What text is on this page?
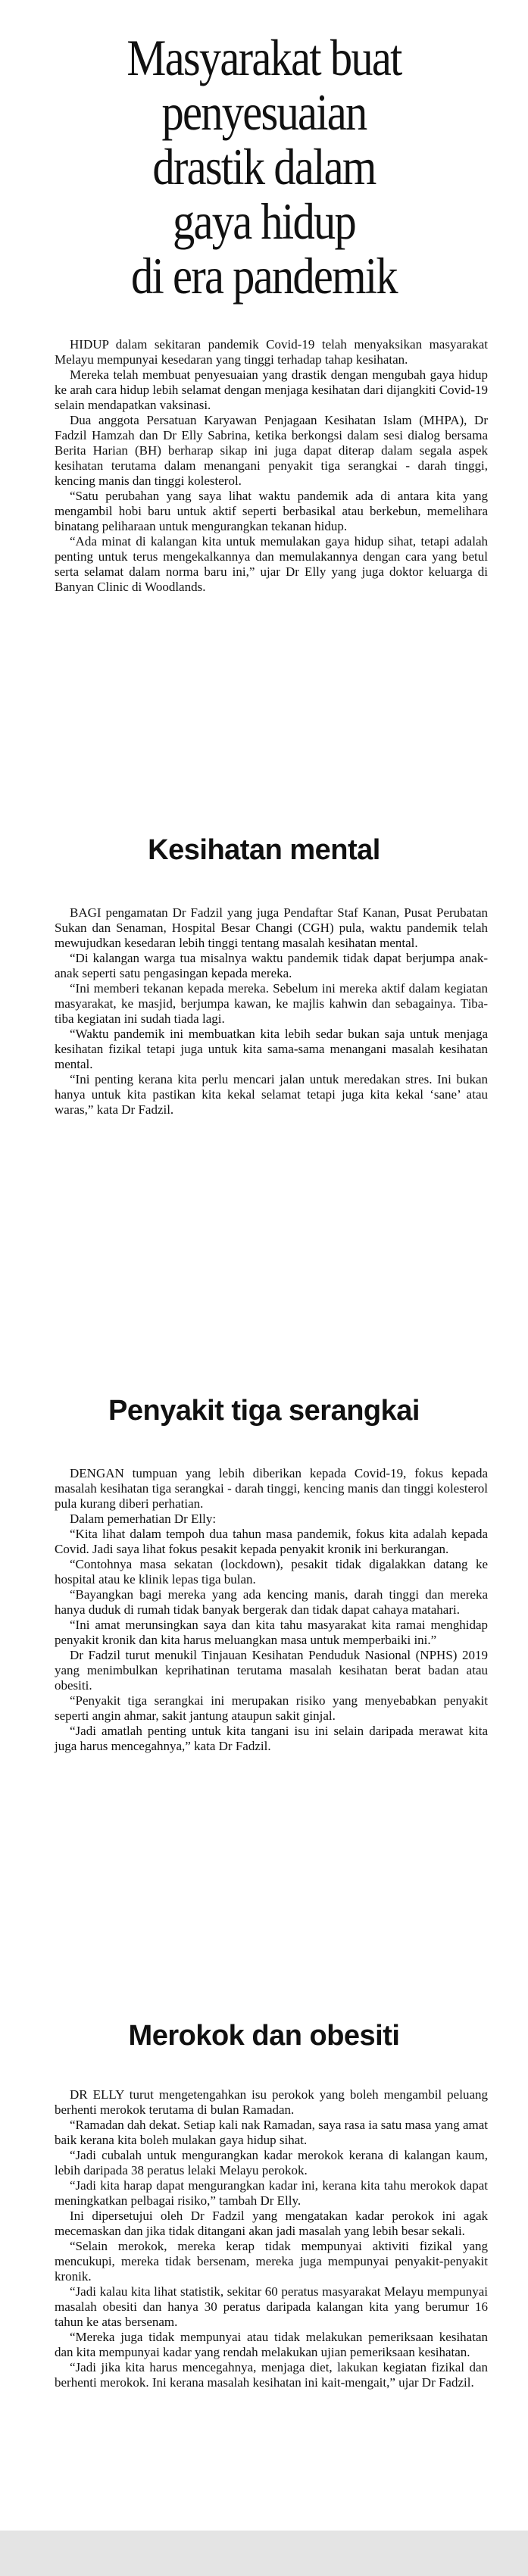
Masyarakat buat
penyesuaian
drastik dalam
gaya hidup
di era pandemik

HIDUP dalam sekitaran pandemik Covid-19 telah menyaksikan masyarakat Melayu mempunyai kesedaran yang tinggi terhadap tahap kesihatan.

Mereka telah membuat penyesuaian yang drastik dengan mengubah gaya hidup ke arah cara hidup lebih selamat dengan menjaga kesihatan dari dijangkiti Covid-19 selain mendapatkan vaksinasi.

Dua anggota Persatuan Karyawan Penjagaan Kesihatan Islam (MHPA), Dr Fadzil Hamzah dan Dr Elly Sabrina, ketika berkongsi dalam sesi dialog bersama Berita Harian (BH) berharap sikap ini juga dapat diterap dalam segala aspek kesihatan terutama dalam menangani penyakit tiga serangkai - darah tinggi, kencing manis dan tinggi kolesterol.

“Satu perubahan yang saya lihat waktu pandemik ada di antara kita yang mengambil hobi baru untuk aktif seperti berbasikal atau berkebun, memelihara binatang peliharaan untuk mengurangkan tekanan hidup.

“Ada minat di kalangan kita untuk memulakan gaya hidup sihat, tetapi adalah penting untuk terus mengekalkannya dan memulakannya dengan cara yang betul serta selamat dalam norma baru ini,” ujar Dr Elly yang juga doktor keluarga di Banyan Clinic di Woodlands.

Kesihatan mental

BAGI pengamatan Dr Fadzil yang juga Pendaftar Staf Kanan, Pusat Perubatan Sukan dan Senaman, Hospital Besar Changi (CGH) pula, waktu pandemik telah mewujudkan kesedaran lebih tinggi tentang masalah kesihatan mental.

“Di kalangan warga tua misalnya waktu pandemik tidak dapat berjumpa anak-anak seperti satu pengasingan kepada mereka.

“Ini memberi tekanan kepada mereka. Sebelum ini mereka aktif dalam kegiatan masyarakat, ke masjid, berjumpa kawan, ke majlis kahwin dan sebagainya. Tiba-tiba kegiatan ini sudah tiada lagi.

“Waktu pandemik ini membuatkan kita lebih sedar bukan saja untuk menjaga kesihatan fizikal tetapi juga untuk kita sama-sama menangani masalah kesihatan mental.

“Ini penting kerana kita perlu mencari jalan untuk meredakan stres. Ini bukan hanya untuk kita pastikan kita kekal selamat tetapi juga kita kekal ‘sane’ atau waras,” kata Dr Fadzil.

Penyakit tiga serangkai

DENGAN tumpuan yang lebih diberikan kepada Covid-19, fokus kepada masalah kesihatan tiga serangkai - darah tinggi, kencing manis dan tinggi kolesterol pula kurang diberi perhatian.

Dalam pemerhatian Dr Elly:

“Kita lihat dalam tempoh dua tahun masa pandemik, fokus kita adalah kepada Covid. Jadi saya lihat fokus pesakit kepada penyakit kronik ini berkurangan.

“Contohnya masa sekatan (lockdown), pesakit tidak digalakkan datang ke hospital atau ke klinik lepas tiga bulan.

“Bayangkan bagi mereka yang ada kencing manis, darah tinggi dan mereka hanya duduk di rumah tidak banyak bergerak dan tidak dapat cahaya matahari.

“Ini amat merunsingkan saya dan kita tahu masyarakat kita ramai menghidap penyakit kronik dan kita harus meluangkan masa untuk memperbaiki ini.”

Dr Fadzil turut menukil Tinjauan Kesihatan Penduduk Nasional (NPHS) 2019 yang menimbulkan keprihatinan terutama masalah kesihatan berat badan atau obesiti.

“Penyakit tiga serangkai ini merupakan risiko yang menyebabkan penyakit seperti angin ahmar, sakit jantung ataupun sakit ginjal.

“Jadi amatlah penting untuk kita tangani isu ini selain daripada merawat kita juga harus mencegahnya,” kata Dr Fadzil.

Merokok dan obesiti

DR ELLY turut mengetengahkan isu perokok yang boleh mengambil peluang berhenti merokok terutama di bulan Ramadan.

“Ramadan dah dekat. Setiap kali nak Ramadan, saya rasa ia satu masa yang amat baik kerana kita boleh mulakan gaya hidup sihat.

“Jadi cubalah untuk mengurangkan kadar merokok kerana di kalangan kaum, lebih daripada 38 peratus lelaki Melayu perokok.

“Jadi kita harap dapat mengurangkan kadar ini, kerana kita tahu merokok dapat meningkatkan pelbagai risiko,” tambah Dr Elly.

Ini dipersetujui oleh Dr Fadzil yang mengatakan kadar perokok ini agak mecemaskan dan jika tidak ditangani akan jadi masalah yang lebih besar sekali.

“Selain merokok, mereka kerap tidak mempunyai aktiviti fizikal yang mencukupi, mereka tidak bersenam, mereka juga mempunyai penyakit-penyakit kronik.

“Jadi kalau kita lihat statistik, sekitar 60 peratus masyarakat Melayu mempunyai masalah obesiti dan hanya 30 peratus daripada kalangan kita yang berumur 16 tahun ke atas bersenam.

“Mereka juga tidak mempunyai atau tidak melakukan pemeriksaan kesihatan dan kita mempunyai kadar yang rendah melakukan ujian pemeriksaan kesihatan.

“Jadi jika kita harus mencegahnya, menjaga diet, lakukan kegiatan fizikal dan berhenti merokok. Ini kerana masalah kesihatan ini kait-mengait,” ujar Dr Fadzil.
